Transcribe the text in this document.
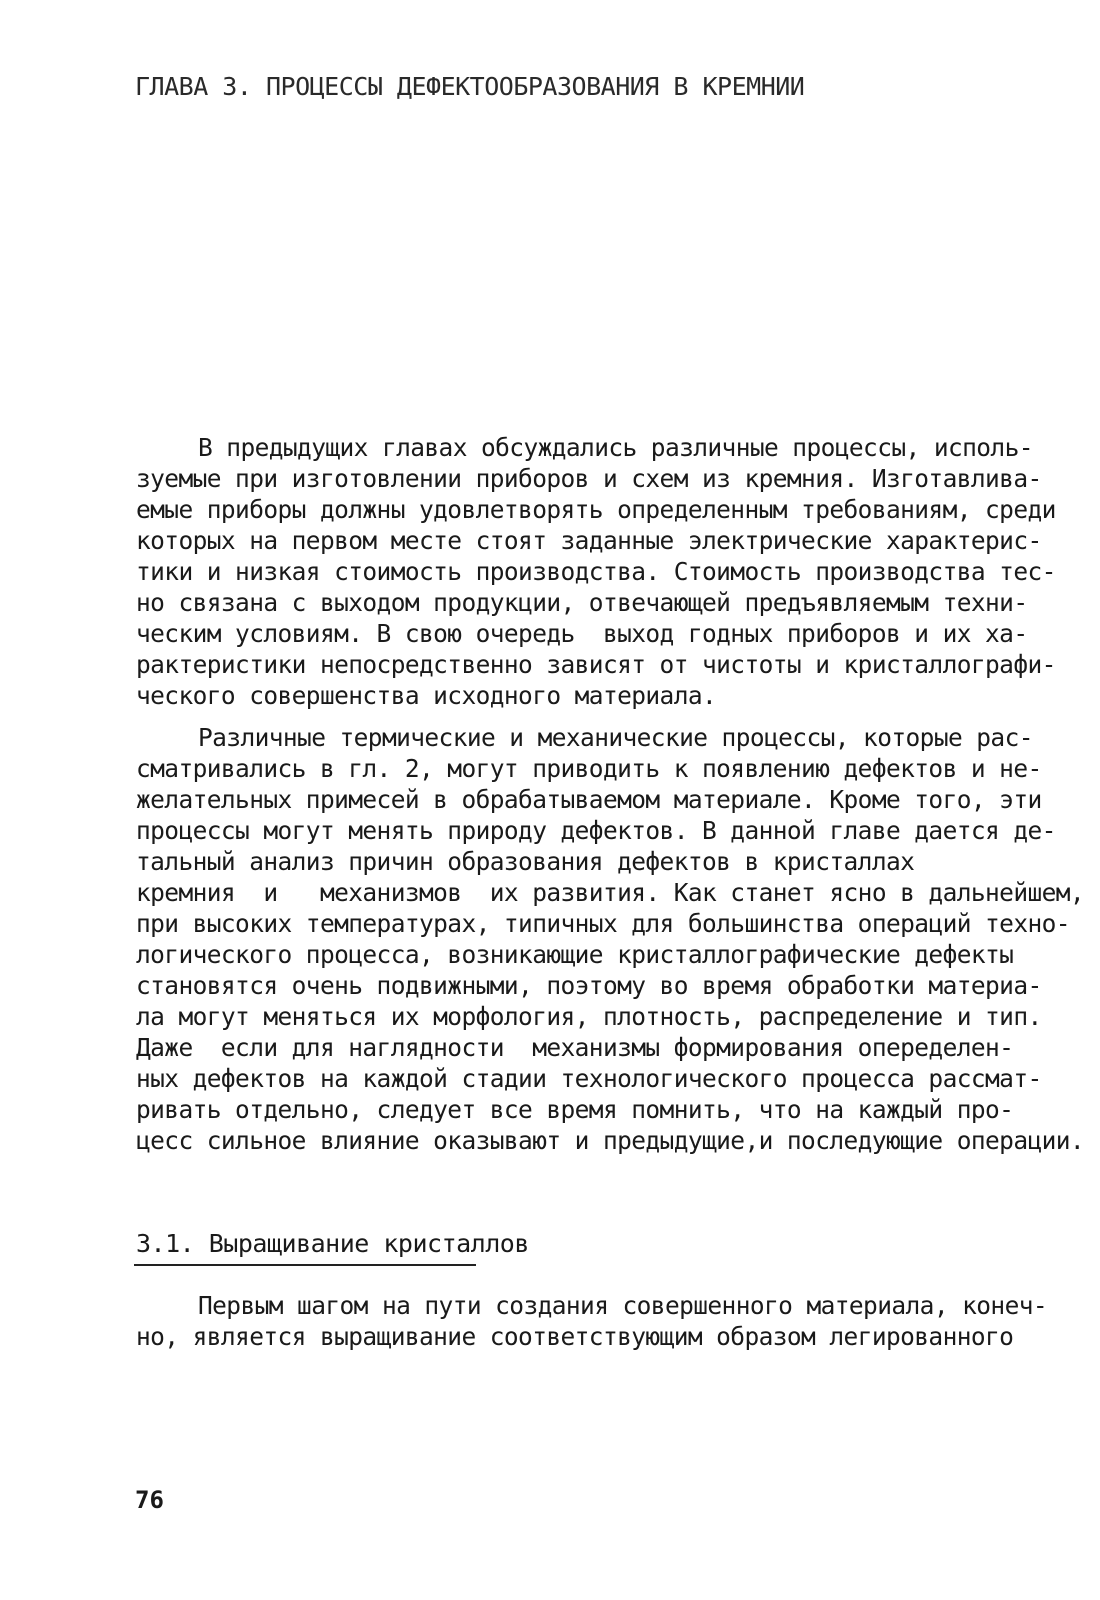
ГЛАВА 3. ПРОЦЕССЫ ДЕФЕКТООБРАЗОВАНИЯ В КРЕМНИИ
В предыдущих главах обсуждались различные процессы, исполь-
зуемые при изготовлении приборов и схем из кремния. Изготавлива-
емые приборы должны удовлетворять определенным требованиям, среди
которых на первом месте стоят заданные электрические характерис-
тики и низкая стоимость производства. Стоимость производства тес-
но связана с выходом продукции, отвечающей предъявляемым техни-
ческим условиям. В свою очередь  выход годных приборов и их ха-
рактеристики непосредственно зависят от чистоты и кристаллографи-
ческого совершенства исходного материала.
Различные термические и механические процессы, которые рас-
сматривались в гл. 2, могут приводить к появлению дефектов и не-
желательных примесей в обрабатываемом материале. Кроме того, эти
процессы могут менять природу дефектов. В данной главе дается де-
тальный анализ причин образования дефектов в кристаллах
кремния  и   механизмов  их развития. Как станет ясно в дальнейшем,
при высоких температурах, типичных для большинства операций техно-
логического процесса, возникающие кристаллографические дефекты
становятся очень подвижными, поэтому во время обработки материа-
ла могут меняться их морфология, плотность, распределение и тип.
Даже  если для наглядности  механизмы формирования опеределен-
ных дефектов на каждой стадии технологического процесса рассмат-
ривать отдельно, следует все время помнить, что на каждый про-
цесс сильное влияние оказывают и предыдущие,и последующие операции.
3.1. Выращивание кристаллов
Первым шагом на пути создания совершенного материала, конеч-
но, является выращивание соответствующим образом легированного
76
